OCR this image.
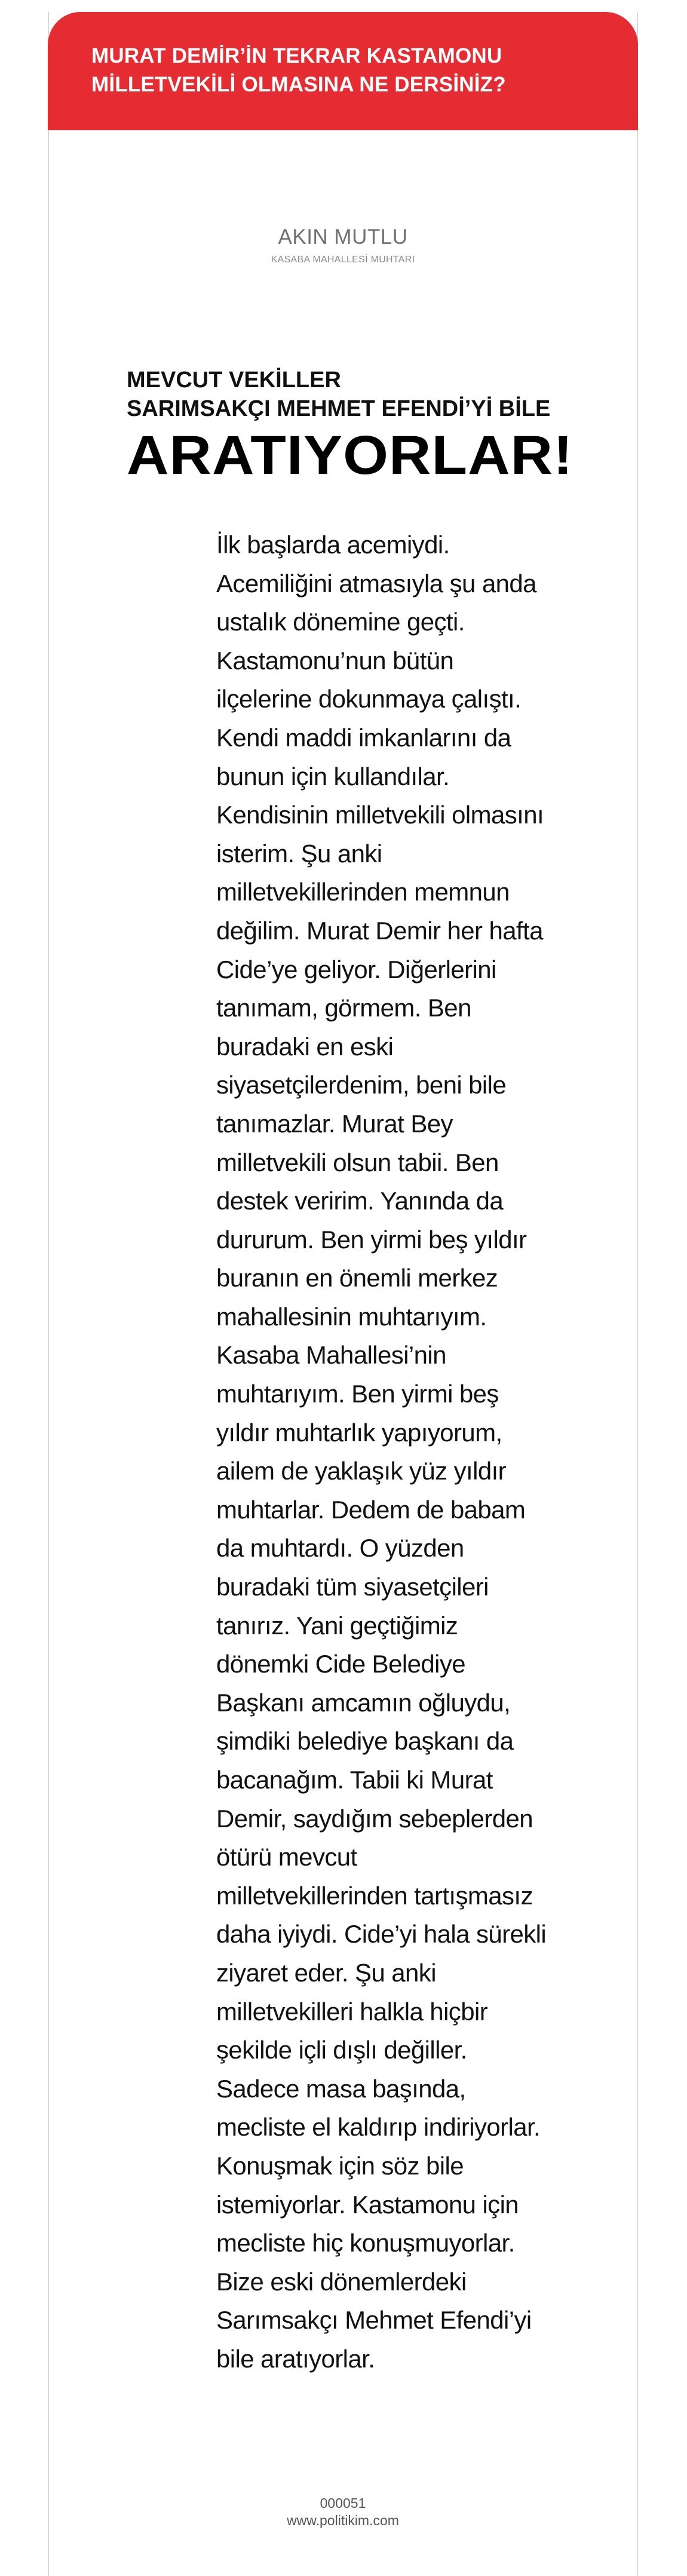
MURAT DEMİR’İN TEKRAR KASTAMONU
MİLLETVEKİLİ OLMASINA NE DERSİNİZ?
AKIN MUTLU
KASABA MAHALLESİ MUHTARI
MEVCUT VEKİLLER
SARIMSAKÇI MEHMET EFENDİ’Yİ BİLE
ARATIYORLAR!

İlk başlarda acemiydi. Acemiliğini atmasıyla şu anda ustalık dönemine geçti. Kastamonu’nun bütün ilçelerine dokunmaya çalıştı. Kendi maddi imkanlarını da bunun için kullandılar. Kendisinin milletvekili olmasını isterim. Şu anki milletvekillerinden memnun değilim. Murat Demir her hafta Cide’ye geliyor. Diğerlerini tanımam, görmem. Ben buradaki en eski siyasetçilerdenim, beni bile tanımazlar. Murat Bey milletvekili olsun tabii. Ben destek veririm. Yanında da dururum. Ben yirmi beş yıldır buranın en önemli merkez mahallesinin muhtarıyım. Kasaba Mahallesi’nin muhtarıyım. Ben yirmi beş yıldır muhtarlık yapıyorum, ailem de yaklaşık yüz yıldır muhtarlar. Dedem de babam da muhtardı. O yüzden buradaki tüm siyasetçileri tanırız. Yani geçtiğimiz dönemki Cide Belediye Başkanı amcamın oğluydu, şimdiki belediye başkanı da bacanağım. Tabii ki Murat Demir, saydığım sebeplerden ötürü mevcut milletvekillerinden tartışmasız daha iyiydi. Cide’yi hala sürekli ziyaret eder. Şu anki milletvekilleri halkla hiçbir şekilde içli dışlı değiller. Sadece masa başında, mecliste el kaldırıp indiriyorlar. Konuşmak için söz bile istemiyorlar. Kastamonu için mecliste hiç konuşmuyorlar. Bize eski dönemlerdeki Sarımsakçı Mehmet Efendi’yi bile aratıyorlar.

000051
www.politikim.com
